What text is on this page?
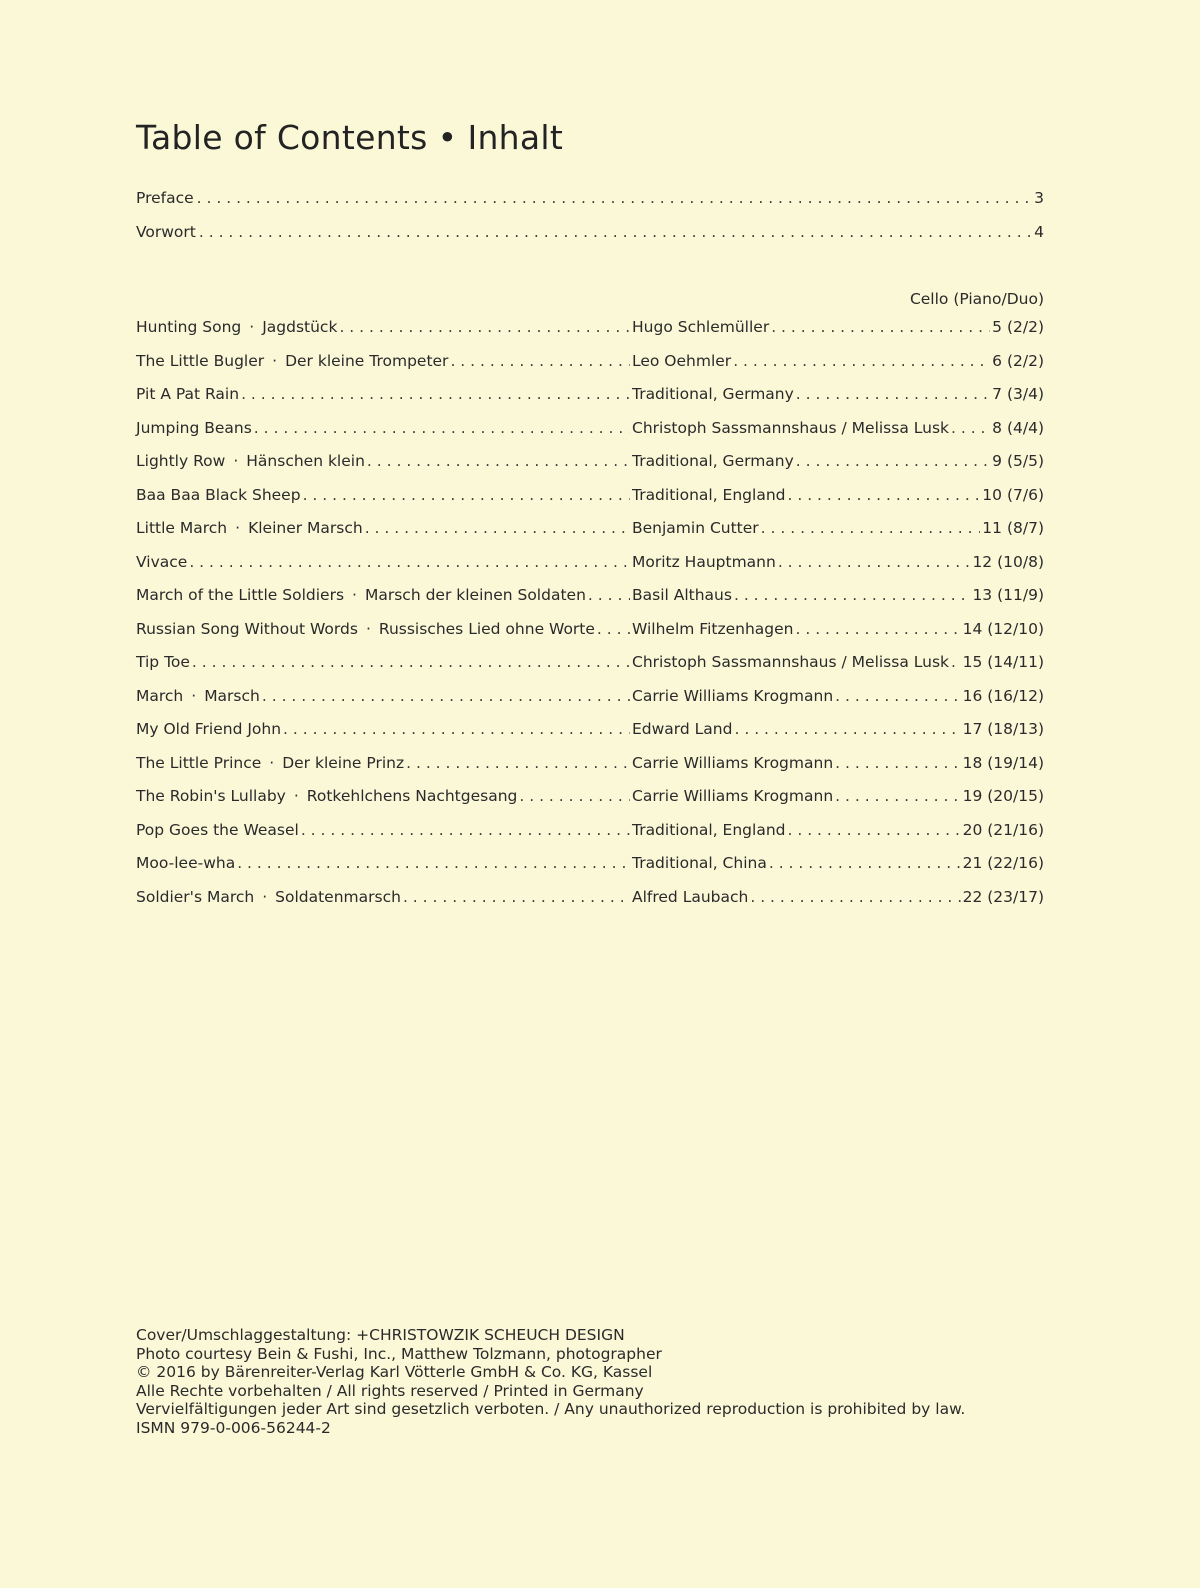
Table of Contents • Inhalt
Preface . . .	3
Vorwort . . .	4
Cello (Piano/Duo)
Hunting Song · Jagdstück . . .	Hugo Schlemüller . . .	5 (2/2)
The Little Bugler · Der kleine Trompeter . . .	Leo Oehmler . . .	6 (2/2)
Pit A Pat Rain . . .	Traditional, Germany . . .	7 (3/4)
Jumping Beans . . .	Christoph Sassmannshaus / Melissa Lusk . . .	8 (4/4)
Lightly Row · Hänschen klein . . .	Traditional, Germany . . .	9 (5/5)
Baa Baa Black Sheep . . .	Traditional, England . . .	10 (7/6)
Little March · Kleiner Marsch . . .	Benjamin Cutter . . .	11 (8/7)
Vivace . . .	Moritz Hauptmann . . .	12 (10/8)
March of the Little Soldiers · Marsch der kleinen Soldaten . . .	Basil Althaus . . .	13 (11/9)
Russian Song Without Words · Russisches Lied ohne Worte . . . Wilhelm Fitzenhagen . . .	14 (12/10)
Tip Toe . . .	Christoph Sassmannshaus / Melissa Lusk . . . 15 (14/11)
March · Marsch . . .	Carrie Williams Krogmann . . .	16 (16/12)
My Old Friend John . . .	Edward Land . . .	17 (18/13)
The Little Prince · Der kleine Prinz . . .	Carrie Williams Krogmann . . .	18 (19/14)
The Robin's Lullaby · Rotkehlchens Nachtgesang . . .	Carrie Williams Krogmann . . .	19 (20/15)
Pop Goes the Weasel . . .	Traditional, England . . .	20 (21/16)
Moo-lee-wha . . .	Traditional, China . . .	21 (22/16)
Soldier's March · Soldatenmarsch . . .	Alfred Laubach . . .	22 (23/17)
Cover/Umschlaggestaltung: +CHRISTOWZIK SCHEUCH DESIGN
Photo courtesy Bein & Fushi, Inc., Matthew Tolzmann, photographer
© 2016 by Bärenreiter-Verlag Karl Vötterle GmbH & Co. KG, Kassel
Alle Rechte vorbehalten / All rights reserved / Printed in Germany
Vervielfältigungen jeder Art sind gesetzlich verboten. / Any unauthorized reproduction is prohibited by law.
ISMN 979-0-006-56244-2
